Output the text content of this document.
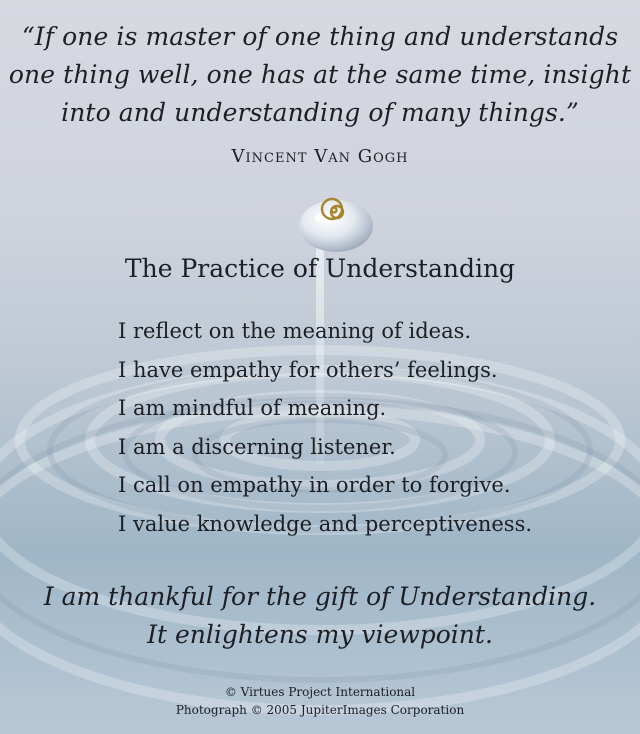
“If one is master of one thing and understands
one thing well, one has at the same time, insight
into and understanding of many things.”
Vincent Van Gogh
The Practice of Understanding
I reflect on the meaning of ideas.
I have empathy for others’ feelings.
I am mindful of meaning.
I am a discerning listener.
I call on empathy in order to forgive.
I value knowledge and perceptiveness.
I am thankful for the gift of Understanding.
It enlightens my viewpoint.
© Virtues Project International
Photograph © 2005 JupiterImages Corporation
